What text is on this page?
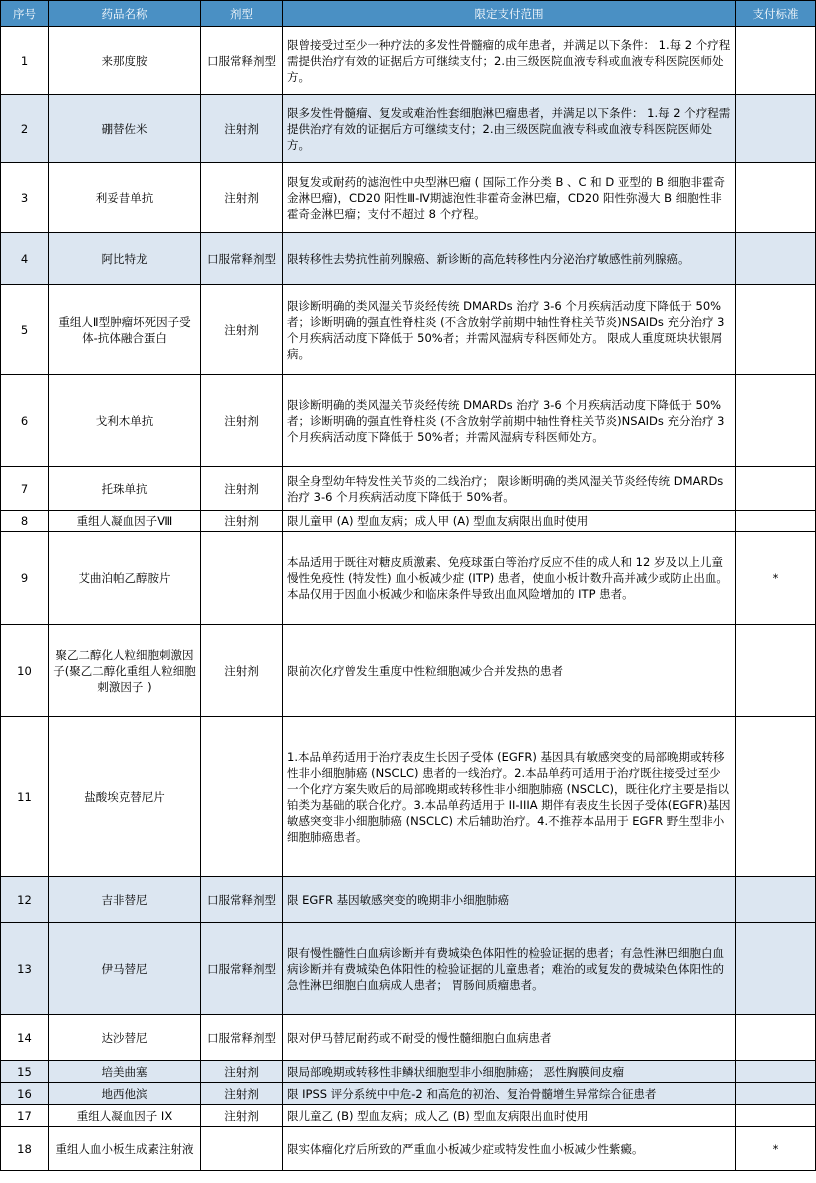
序号	药品名称	剂型	限定支付范围	支付标准
1	来那度胺	口服常释剂型	限曾接受过至少一种疗法的多发性骨髓瘤的成年患者，并满足以下条件： 1.每 2 个疗程需提供治疗有效的证据后方可继续支付；2.由三级医院血液专科或血液专科医院医师处方。	
2	硼替佐米	注射剂	限多发性骨髓瘤、复发或难治性套细胞淋巴瘤患者，并满足以下条件： 1.每 2 个疗程需提供治疗有效的证据后方可继续支付；2.由三级医院血液专科或血液专科医院医师处方。	
3	利妥昔单抗	注射剂	限复发或耐药的滤泡性中央型淋巴瘤 ( 国际工作分类 B 、C 和 D 亚型的 B 细胞非霍奇金淋巴瘤)，CD20 阳性Ⅲ-Ⅳ期滤泡性非霍奇金淋巴瘤，CD20 阳性弥漫大 B 细胞性非霍奇金淋巴瘤；支付不超过 8 个疗程。	
4	阿比特龙	口服常释剂型	限转移性去势抗性前列腺癌、新诊断的高危转移性内分泌治疗敏感性前列腺癌。	
5	重组人Ⅱ型肿瘤坏死因子受体-抗体融合蛋白	注射剂	限诊断明确的类风湿关节炎经传统 DMARDs 治疗 3-6 个月疾病活动度下降低于 50%者；诊断明确的强直性脊柱炎 (不含放射学前期中轴性脊柱关节炎)NSAIDs 充分治疗 3 个月疾病活动度下降低于 50%者；并需风湿病专科医师处方。 限成人重度斑块状银屑病。	
6	戈利木单抗	注射剂	限诊断明确的类风湿关节炎经传统 DMARDs 治疗 3-6 个月疾病活动度下降低于 50%者；诊断明确的强直性脊柱炎 (不含放射学前期中轴性脊柱关节炎)NSAIDs 充分治疗 3 个月疾病活动度下降低于 50%者；并需风湿病专科医师处方。	
7	托珠单抗	注射剂	限全身型幼年特发性关节炎的二线治疗； 限诊断明确的类风湿关节炎经传统 DMARDs 治疗 3-6 个月疾病活动度下降低于 50%者。	
8	重组人凝血因子Ⅷ	注射剂	限儿童甲 (A) 型血友病；成人甲 (A) 型血友病限出血时使用	
9	艾曲泊帕乙醇胺片		本品适用于既往对糖皮质激素、免疫球蛋白等治疗反应不佳的成人和 12 岁及以上儿童慢性免疫性 (特发性) 血小板减少症 (ITP) 患者，使血小板计数升高并减少或防止出血。本品仅用于因血小板减少和临床条件导致出血风险增加的 ITP 患者。	*
10	聚乙二醇化人粒细胞刺激因子(聚乙二醇化重组人粒细胞刺激因子 )	注射剂	限前次化疗曾发生重度中性粒细胞减少合并发热的患者	
11	盐酸埃克替尼片		1.本品单药适用于治疗表皮生长因子受体 (EGFR) 基因具有敏感突变的局部晚期或转移性非小细胞肺癌 (NSCLC) 患者的一线治疗。2.本品单药可适用于治疗既往接受过至少一个化疗方案失败后的局部晚期或转移性非小细胞肺癌 (NSCLC)，既往化疗主要是指以铂类为基础的联合化疗。3.本品单药适用于 II-IIIA 期伴有表皮生长因子受体(EGFR)基因敏感突变非小细胞肺癌 (NSCLC) 术后辅助治疗。4.不推荐本品用于 EGFR 野生型非小细胞肺癌患者。	
12	吉非替尼	口服常释剂型	限 EGFR 基因敏感突变的晚期非小细胞肺癌	
13	伊马替尼	口服常释剂型	限有慢性髓性白血病诊断并有费城染色体阳性的检验证据的患者；有急性淋巴细胞白血病诊断并有费城染色体阳性的检验证据的儿童患者；难治的或复发的费城染色体阳性的急性淋巴细胞白血病成人患者； 胃肠间质瘤患者。	
14	达沙替尼	口服常释剂型	限对伊马替尼耐药或不耐受的慢性髓细胞白血病患者	
15	培美曲塞	注射剂	限局部晚期或转移性非鳞状细胞型非小细胞肺癌； 恶性胸膜间皮瘤	
16	地西他滨	注射剂	限 IPSS 评分系统中中危-2 和高危的初治、复治骨髓增生异常综合征患者	
17	重组人凝血因子 IX	注射剂	限儿童乙 (B) 型血友病；成人乙 (B) 型血友病限出血时使用	
18	重组人血小板生成素注射液		限实体瘤化疗后所致的严重血小板减少症或特发性血小板减少性紫癜。	*
